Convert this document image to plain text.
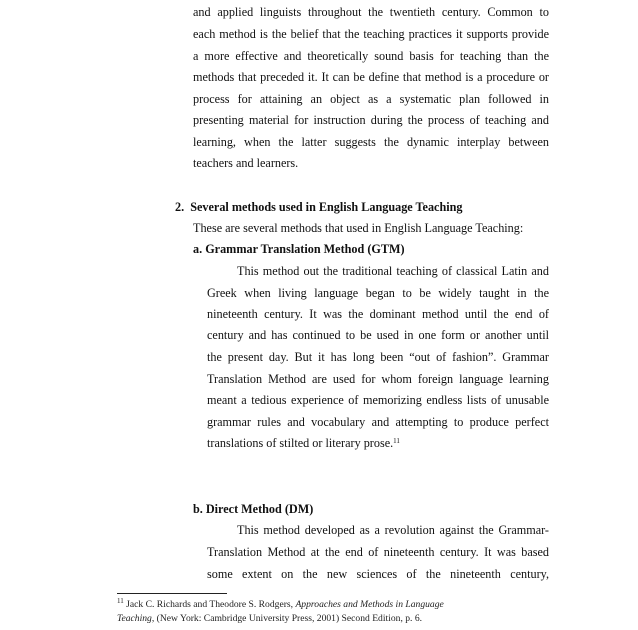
and applied linguists throughout the twentieth century. Common to
each method is the belief that the teaching practices it supports provide
a more effective and theoretically sound basis for teaching than the
methods that preceded it. It can be define that method is a procedure or
process for attaining an object as a systematic plan followed in
presenting material for instruction during the process of teaching and
learning, when the latter suggests the dynamic interplay between
teachers and learners.
2.  Several methods used in English Language Teaching
These are several methods that used in English Language Teaching:
a. Grammar Translation Method (GTM)
This method out the traditional teaching of classical Latin and
Greek when living language began to be widely taught in the
nineteenth century. It was the dominant method until the end of
century and has continued to be used in one form or another until
the present day. But it has long been “out of fashion”. Grammar
Translation Method are used for whom foreign language learning
meant a tedious experience of memorizing endless lists of unusable
grammar rules and vocabulary and attempting to produce perfect
translations of stilted or literary prose.$^{11}$
b. Direct Method (DM)
This method developed as a revolution against the Grammar-
Translation Method at the end of nineteenth century. It was based
some extent on the new sciences of the nineteenth century,
$^{11}$ Jack C. Richards and Theodore S. Rodgers, Approaches and Methods in Language
Teaching, (New York: Cambridge University Press, 2001) Second Edition, p. 6.
